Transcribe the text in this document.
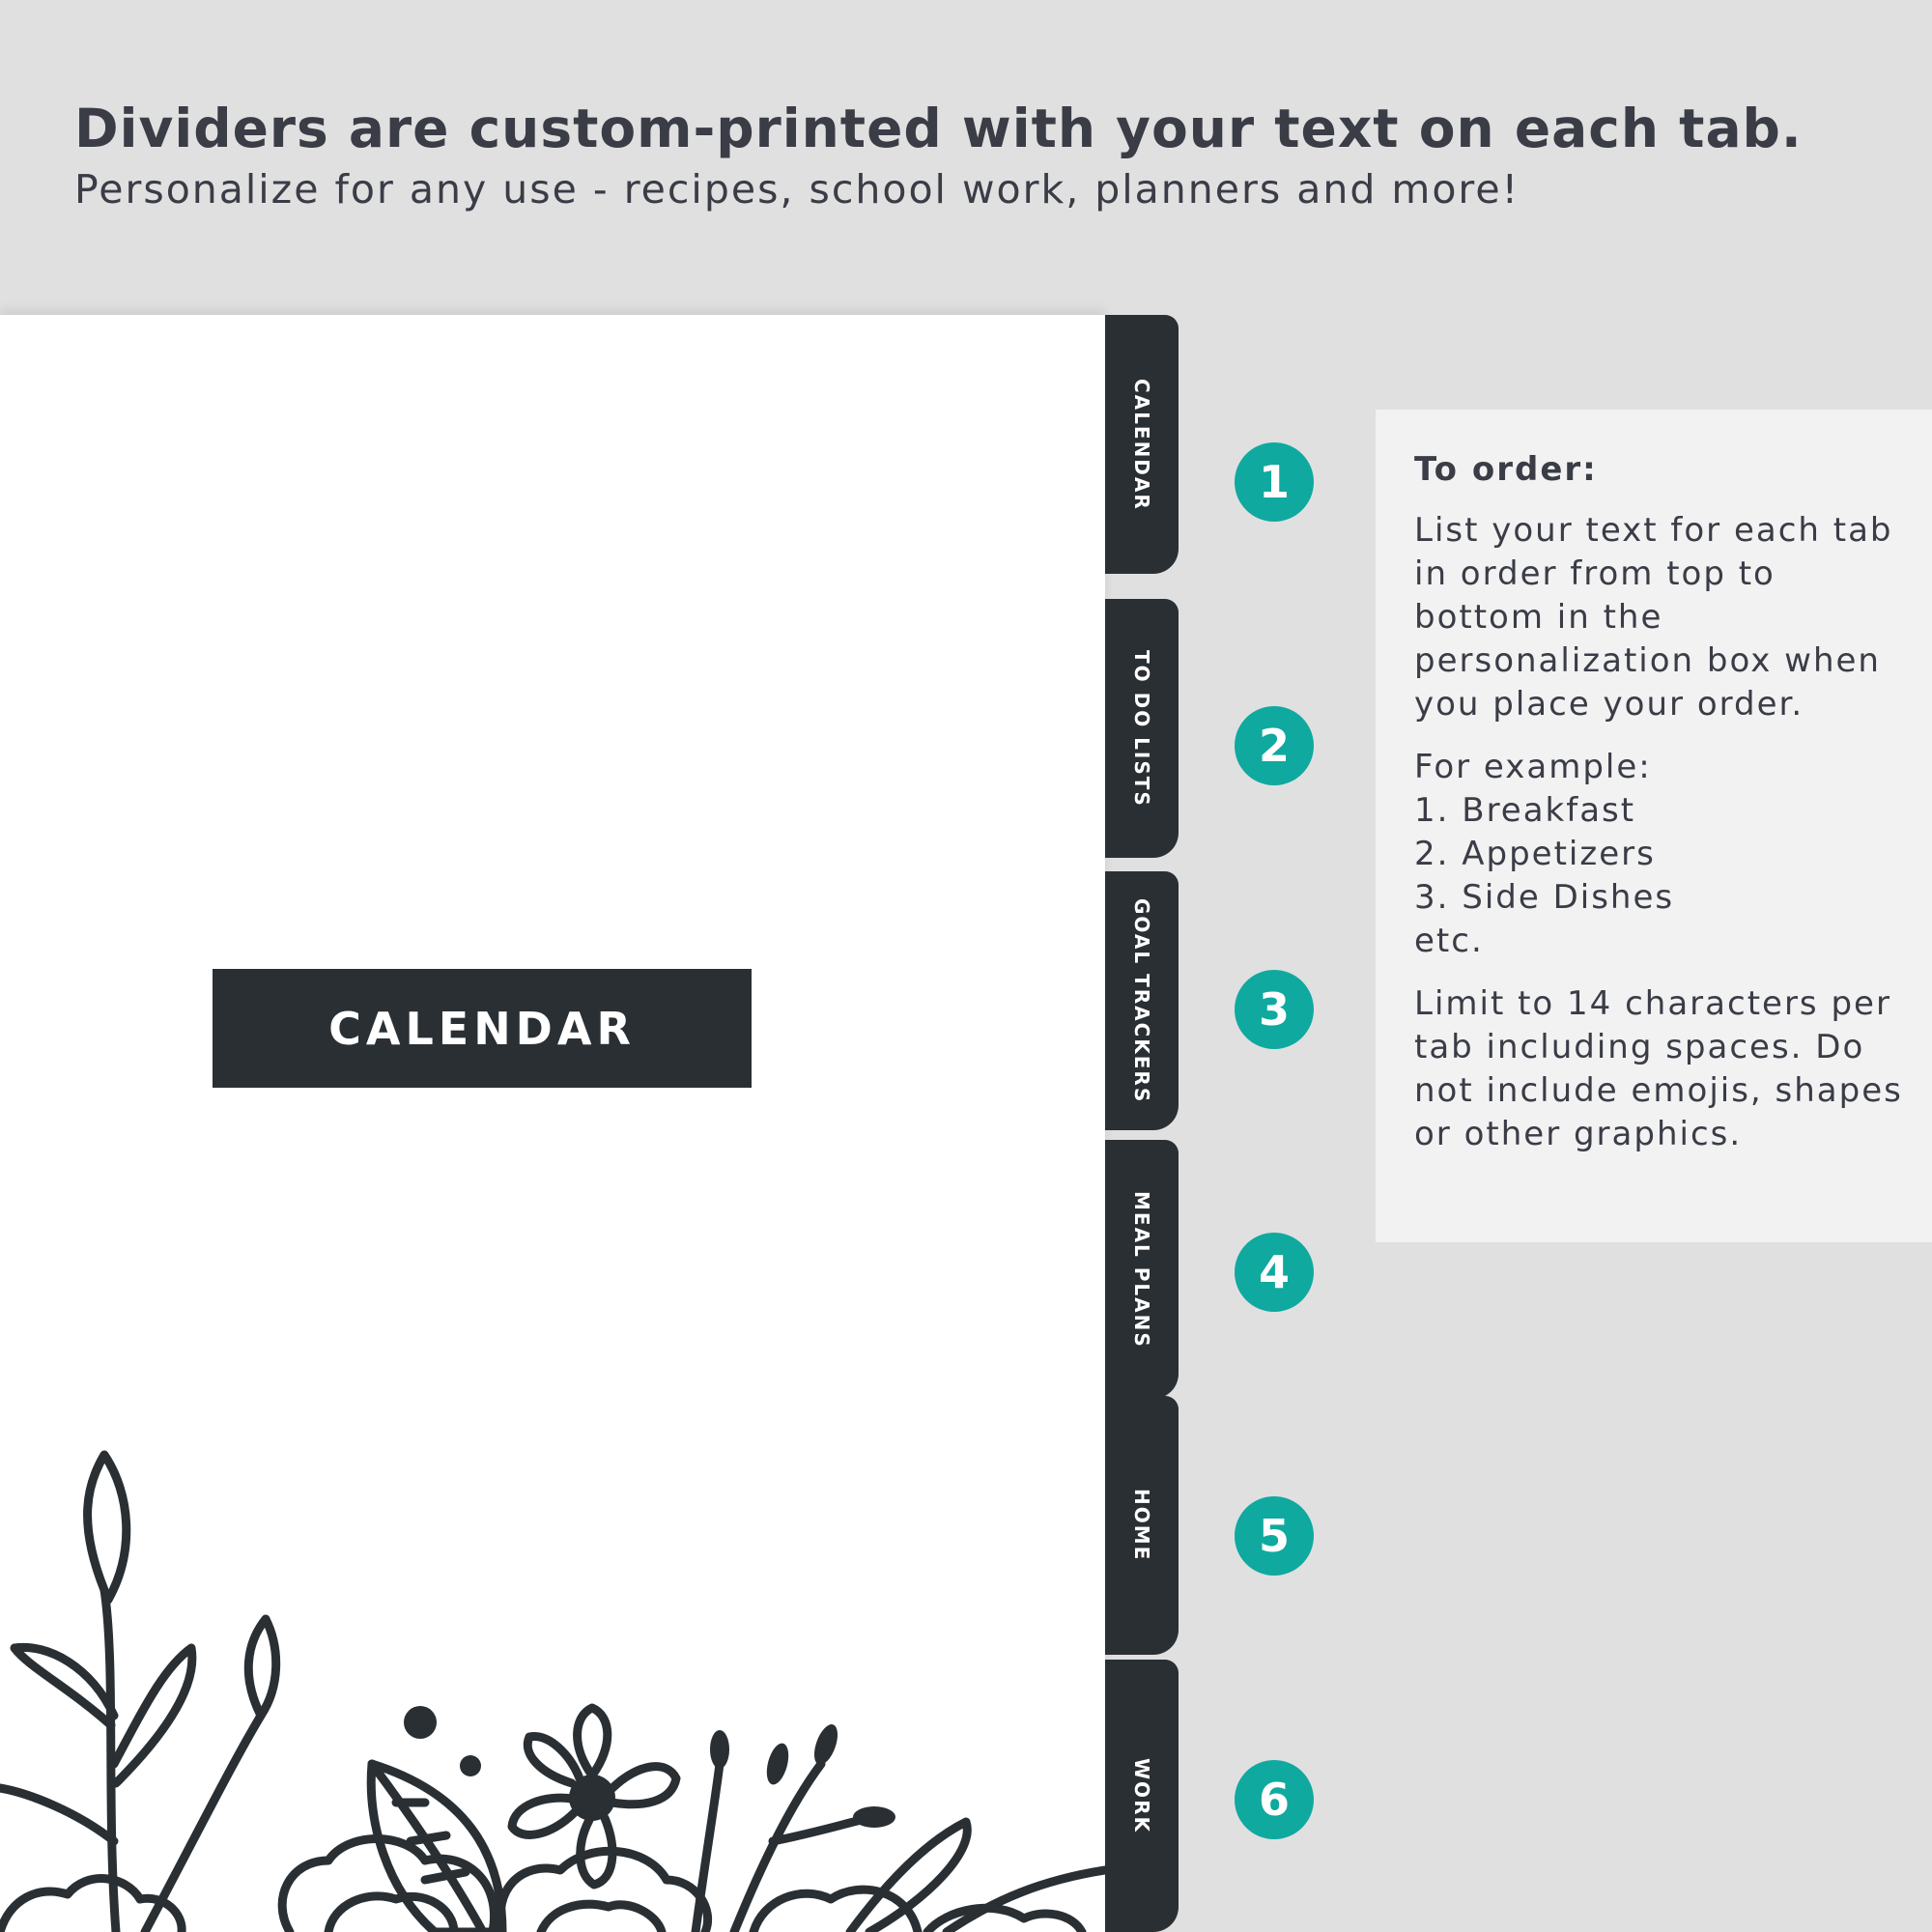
Dividers are custom-printed with your text on each tab.

Personalize for any use - recipes, school work, planners and more!

CALENDAR
CALENDAR
TO DO LISTS
GOAL TRACKERS
MEAL PLANS
HOME
WORK
1
2
3
4
5
6
To order:

List your text for each tab in order from top to bottom in the personalization box when you place your order.

For example:
1. Breakfast
2. Appetizers
3. Side Dishes
etc.

Limit to 14 characters per tab including spaces. Do not include emojis, shapes or other graphics.
